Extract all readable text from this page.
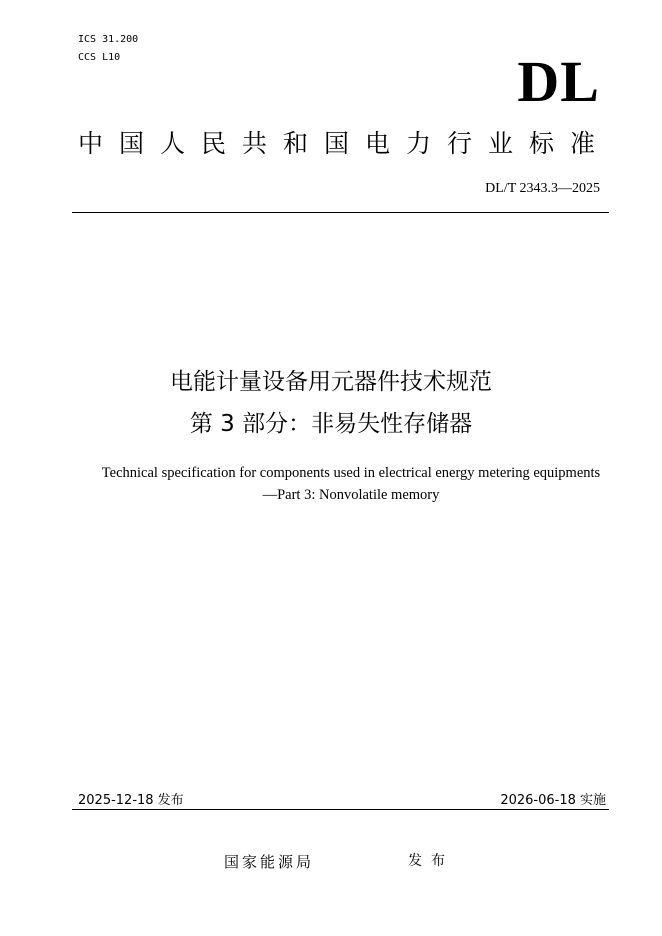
ICS 31.200
CCS L10	DL
中国人民共和国电力行业标准
DL/T 2343.3—2025
电能计量设备用元器件技术规范
第 3 部分：非易失性存储器
Technical specification for components used in electrical energy metering equipments—Part 3: Nonvolatile memory
2025-12-18 发布	2026-06-18 实施
国家能源局	发布
